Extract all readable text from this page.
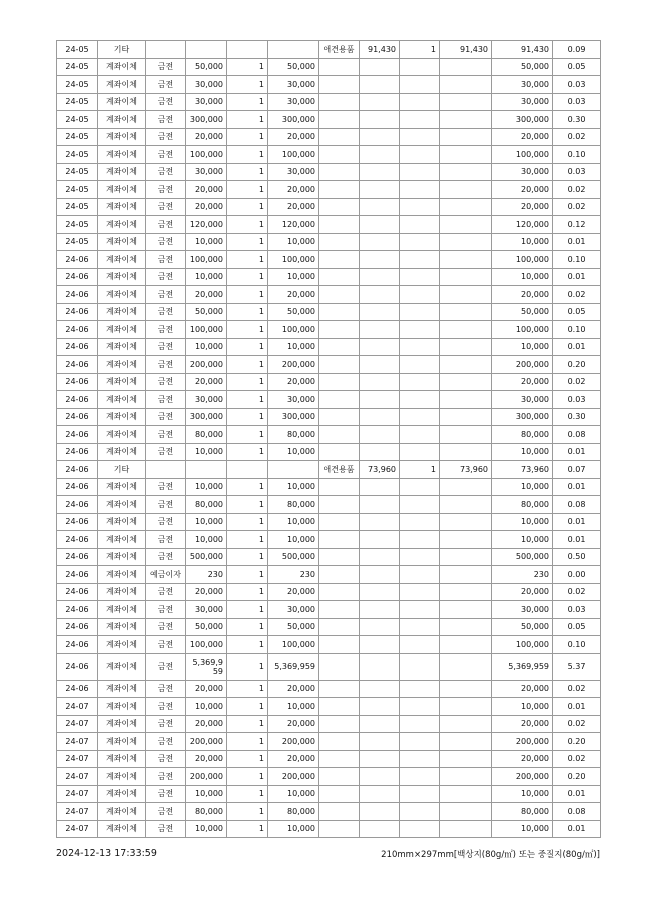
24-05	기타					애견용품	91,430	1	91,430	91,430	0.09
24-05	계좌이체	금전	50,000	1	50,000					50,000	0.05
24-05	계좌이체	금전	30,000	1	30,000					30,000	0.03
24-05	계좌이체	금전	30,000	1	30,000					30,000	0.03
24-05	계좌이체	금전	300,000	1	300,000					300,000	0.30
24-05	계좌이체	금전	20,000	1	20,000					20,000	0.02
24-05	계좌이체	금전	100,000	1	100,000					100,000	0.10
24-05	계좌이체	금전	30,000	1	30,000					30,000	0.03
24-05	계좌이체	금전	20,000	1	20,000					20,000	0.02
24-05	계좌이체	금전	20,000	1	20,000					20,000	0.02
24-05	계좌이체	금전	120,000	1	120,000					120,000	0.12
24-05	계좌이체	금전	10,000	1	10,000					10,000	0.01
24-06	계좌이체	금전	100,000	1	100,000					100,000	0.10
24-06	계좌이체	금전	10,000	1	10,000					10,000	0.01
24-06	계좌이체	금전	20,000	1	20,000					20,000	0.02
24-06	계좌이체	금전	50,000	1	50,000					50,000	0.05
24-06	계좌이체	금전	100,000	1	100,000					100,000	0.10
24-06	계좌이체	금전	10,000	1	10,000					10,000	0.01
24-06	계좌이체	금전	200,000	1	200,000					200,000	0.20
24-06	계좌이체	금전	20,000	1	20,000					20,000	0.02
24-06	계좌이체	금전	30,000	1	30,000					30,000	0.03
24-06	계좌이체	금전	300,000	1	300,000					300,000	0.30
24-06	계좌이체	금전	80,000	1	80,000					80,000	0.08
24-06	계좌이체	금전	10,000	1	10,000					10,000	0.01
24-06	기타					애견용품	73,960	1	73,960	73,960	0.07
24-06	계좌이체	금전	10,000	1	10,000					10,000	0.01
24-06	계좌이체	금전	80,000	1	80,000					80,000	0.08
24-06	계좌이체	금전	10,000	1	10,000					10,000	0.01
24-06	계좌이체	금전	10,000	1	10,000					10,000	0.01
24-06	계좌이체	금전	500,000	1	500,000					500,000	0.50
24-06	계좌이체	예금이자	230	1	230					230	0.00
24-06	계좌이체	금전	20,000	1	20,000					20,000	0.02
24-06	계좌이체	금전	30,000	1	30,000					30,000	0.03
24-06	계좌이체	금전	50,000	1	50,000					50,000	0.05
24-06	계좌이체	금전	100,000	1	100,000					100,000	0.10
24-06	계좌이체	금전	5,369,959	1	5,369,959					5,369,959	5.37
24-06	계좌이체	금전	20,000	1	20,000					20,000	0.02
24-07	계좌이체	금전	10,000	1	10,000					10,000	0.01
24-07	계좌이체	금전	20,000	1	20,000					20,000	0.02
24-07	계좌이체	금전	200,000	1	200,000					200,000	0.20
24-07	계좌이체	금전	20,000	1	20,000					20,000	0.02
24-07	계좌이체	금전	200,000	1	200,000					200,000	0.20
24-07	계좌이체	금전	10,000	1	10,000					10,000	0.01
24-07	계좌이체	금전	80,000	1	80,000					80,000	0.08
24-07	계좌이체	금전	10,000	1	10,000					10,000	0.01
2024-12-13 17:33:59	210mm×297mm[백상지(80g/㎡) 또는 중질지(80g/㎡)]
